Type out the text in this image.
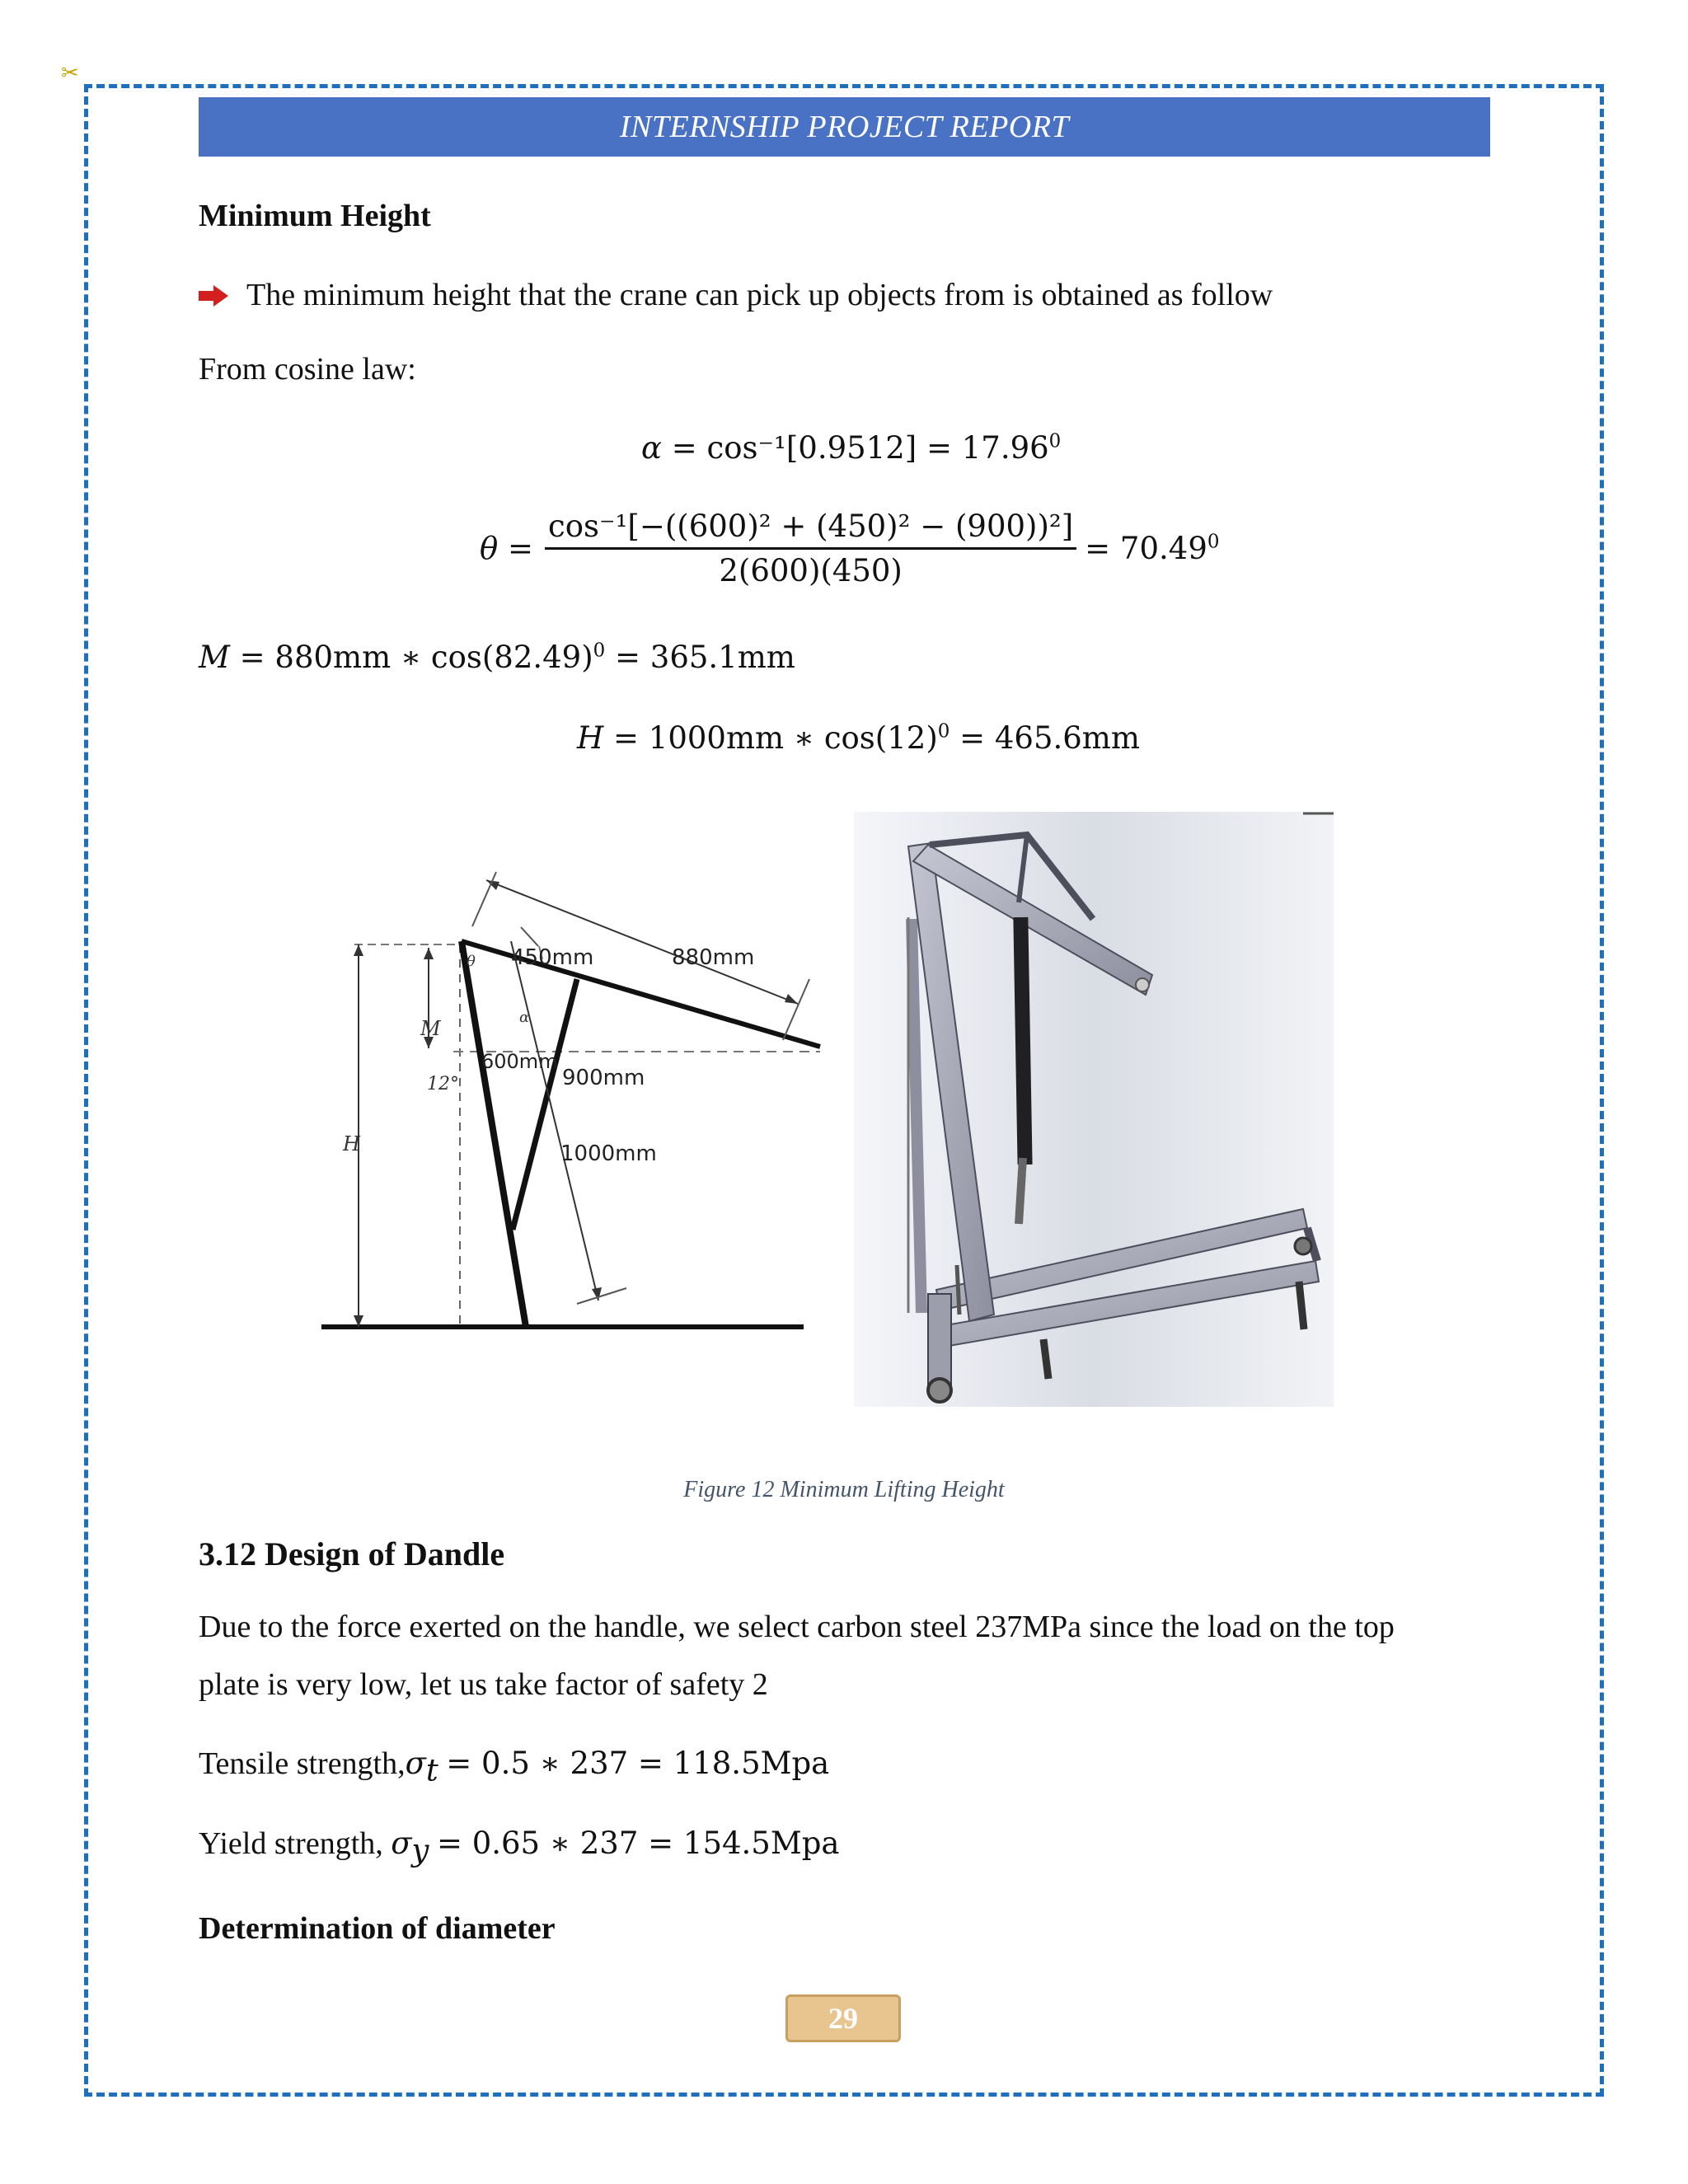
✂
INTERNSHIP PROJECT REPORT
Minimum Height
The minimum height that the crane can pick up objects from is obtained as follow
From cosine law:
$\alpha = \cos^{-1}[0.9512] = 17.96^0$
$\theta = \frac{\text{cos⁻¹[−((600)² + (450)² − (900))²]}}{2(600)(450)} = 70.49^0$
M = 880mm ∗ $\cos(82.49)^0 = 365.1mm$
H = 1000mm ∗ $\cos(12)^0 = 465.6mm$
450mm	880mm
600mm
900mm
1000mm
M
H
12°
θ
α
Figure 12 Minimum Lifting Height
3.12 Design of Dandle
Due to the force exerted on the handle, we select carbon steel 237MPa since the load on the top
plate is very low, let us take factor of safety 2
Tensile $strength,\sigma_t = 0.5$ ∗ 237 = 118.5Mpa
Yield strength, $\sigma_y = 0.65$ ∗ 237 = 154.5Mpa
Determination of diameter
29
